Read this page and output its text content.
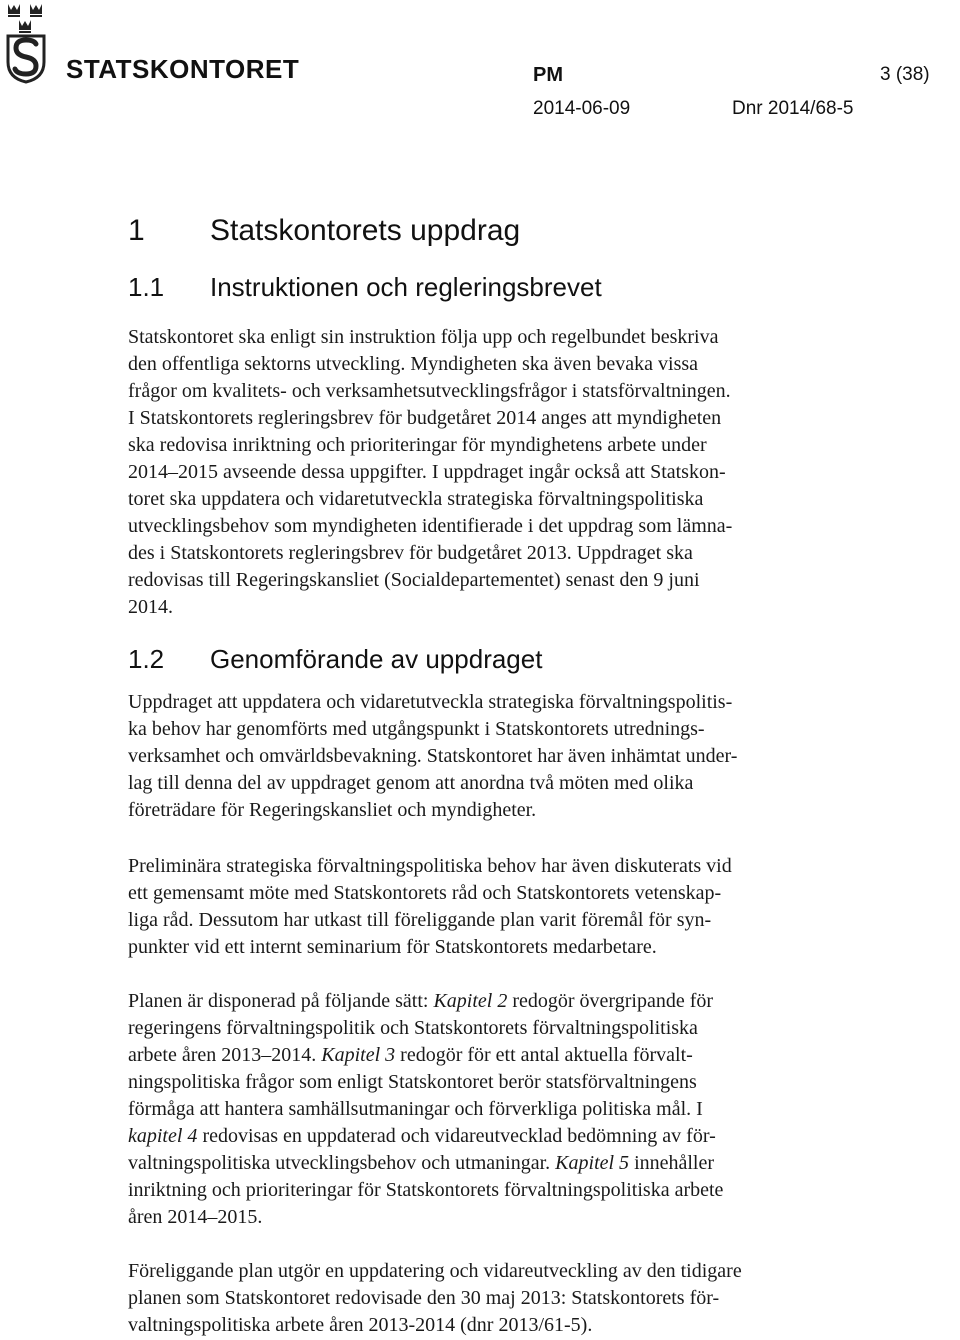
STATSKONTORET	PM	3 (38)
2014-06-09	Dnr 2014/68-5
1 Statskontorets uppdrag
1.1 Instruktionen och regleringsbrevet

Statskontoret ska enligt sin instruktion följa upp och regelbundet beskriva
den offentliga sektorns utveckling. Myndigheten ska även bevaka vissa
frågor om kvalitets- och verksamhetsutvecklingsfrågor i statsförvaltningen.
I Statskontorets regleringsbrev för budgetåret 2014 anges att myndigheten
ska redovisa inriktning och prioriteringar för myndighetens arbete under
2014–2015 avseende dessa uppgifter. I uppdraget ingår också att Statskon-
toret ska uppdatera och vidaretutveckla strategiska förvaltningspolitiska
utvecklingsbehov som myndigheten identifierade i det uppdrag som lämna-
des i Statskontorets regleringsbrev för budgetåret 2013. Uppdraget ska
redovisas till Regeringskansliet (Socialdepartementet) senast den 9 juni
2014.

1.2 Genomförande av uppdraget

Uppdraget att uppdatera och vidaretutveckla strategiska förvaltningspolitis-
ka behov har genomförts med utgångspunkt i Statskontorets utrednings-
verksamhet och omvärldsbevakning. Statskontoret har även inhämtat under-
lag till denna del av uppdraget genom att anordna två möten med olika
företrädare för Regeringskansliet och myndigheter.

Preliminära strategiska förvaltningspolitiska behov har även diskuterats vid
ett gemensamt möte med Statskontorets råd och Statskontorets vetenskap-
liga råd. Dessutom har utkast till föreliggande plan varit föremål för syn-
punkter vid ett internt seminarium för Statskontorets medarbetare.

Planen är disponerad på följande sätt: Kapitel 2 redogör övergripande för
regeringens förvaltningspolitik och Statskontorets förvaltningspolitiska
arbete åren 2013–2014. Kapitel 3 redogör för ett antal aktuella förvalt-
ningspolitiska frågor som enligt Statskontoret berör statsförvaltningens
förmåga att hantera samhällsutmaningar och förverkliga politiska mål. I
kapitel 4 redovisas en uppdaterad och vidareutvecklad bedömning av för-
valtningspolitiska utvecklingsbehov och utmaningar. Kapitel 5 innehåller
inriktning och prioriteringar för Statskontorets förvaltningspolitiska arbete
åren 2014–2015.

Föreliggande plan utgör en uppdatering och vidareutveckling av den tidigare
planen som Statskontoret redovisade den 30 maj 2013: Statskontorets för-
valtningspolitiska arbete åren 2013-2014 (dnr 2013/61-5).
